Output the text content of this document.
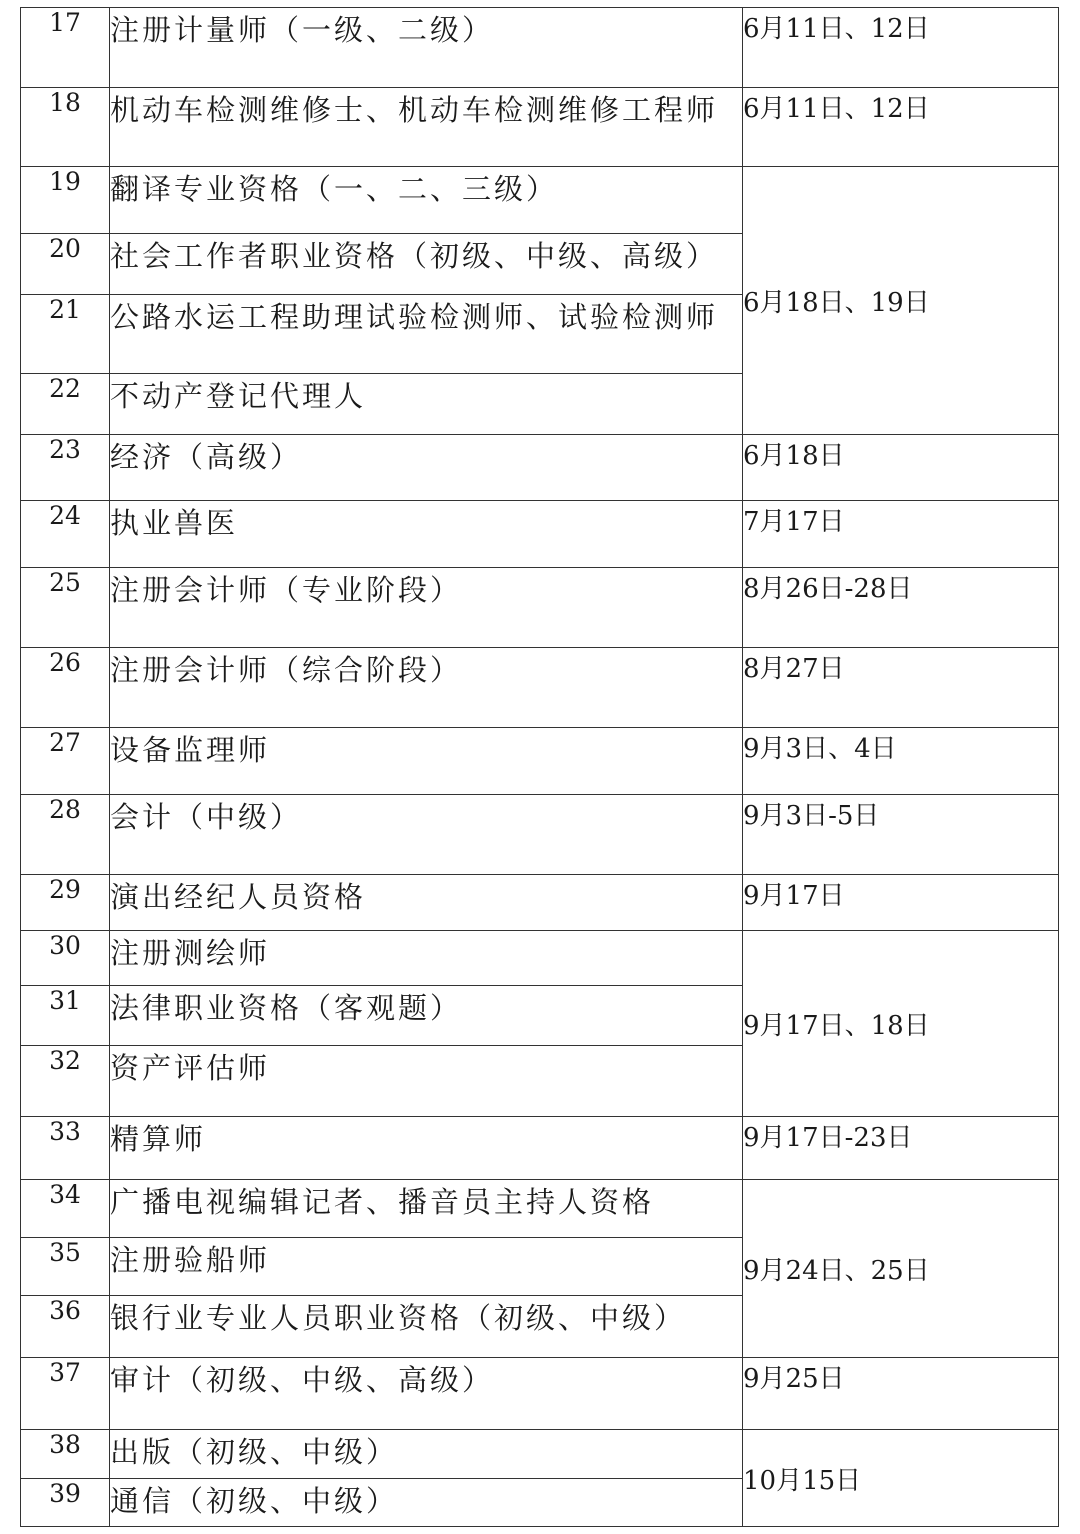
17	注册计量师（一级、二级）	6月11日、12日
18	机动车检测维修士、机动车检测维修工程师	6月11日、12日
19	翻译专业资格（一、二、三级）	6月18日、19日
20	社会工作者职业资格（初级、中级、高级）	
21	公路水运工程助理试验检测师、试验检测师	
22	不动产登记代理人	
23	经济（高级）	6月18日
24	执业兽医	7月17日
25	注册会计师（专业阶段）	8月26日-28日
26	注册会计师（综合阶段）	8月27日
27	设备监理师	9月3日、4日
28	会计（中级）	9月3日-5日
29	演出经纪人员资格	9月17日
30	注册测绘师	9月17日、18日
31	法律职业资格（客观题）	
32	资产评估师	
33	精算师	9月17日-23日
34	广播电视编辑记者、播音员主持人资格	9月24日、25日
35	注册验船师	
36	银行业专业人员职业资格（初级、中级）	
37	审计（初级、中级、高级）	9月25日
38	出版（初级、中级）	10月15日
39	通信（初级、中级）	
